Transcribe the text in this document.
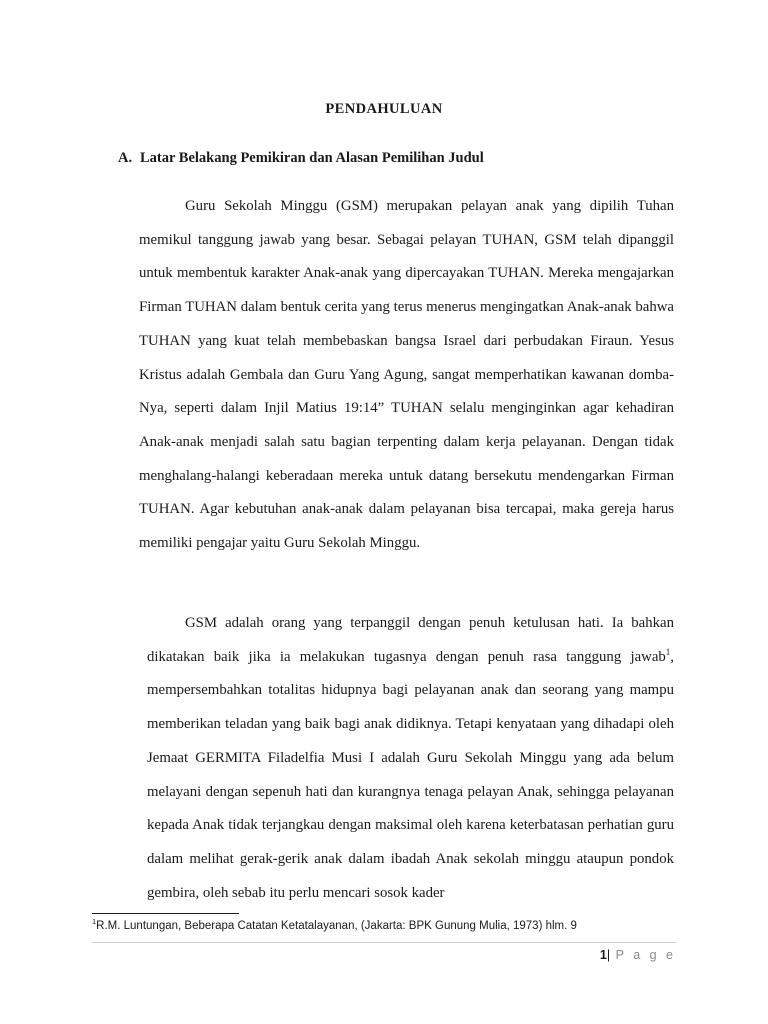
PENDAHULUAN
A. Latar Belakang Pemikiran dan Alasan Pemilihan Judul

Guru Sekolah Minggu (GSM) merupakan pelayan anak yang dipilih Tuhan memikul tanggung jawab yang besar. Sebagai pelayan TUHAN, GSM telah dipanggil untuk membentuk karakter Anak-anak yang dipercayakan TUHAN. Mereka mengajarkan Firman TUHAN dalam bentuk cerita yang terus menerus mengingatkan Anak-anak bahwa TUHAN yang kuat telah membebaskan bangsa Israel dari perbudakan Firaun. Yesus Kristus adalah Gembala dan Guru Yang Agung, sangat memperhatikan kawanan domba-Nya, seperti dalam Injil Matius 19:14” TUHAN selalu menginginkan agar kehadiran Anak-anak menjadi salah satu bagian terpenting dalam kerja pelayanan. Dengan tidak menghalang-halangi keberadaan mereka untuk datang bersekutu mendengarkan Firman TUHAN. Agar kebutuhan anak-anak dalam pelayanan bisa tercapai, maka gereja harus memiliki pengajar yaitu Guru Sekolah Minggu.

GSM adalah orang yang terpanggil dengan penuh ketulusan hati. Ia bahkan dikatakan baik jika ia melakukan tugasnya dengan penuh rasa tanggung jawab$^1$, mempersembahkan totalitas hidupnya bagi pelayanan anak dan seorang yang mampu memberikan teladan yang baik bagi anak didiknya. Tetapi kenyataan yang dihadapi oleh Jemaat GERMITA Filadelfia Musi I adalah Guru Sekolah Minggu yang ada belum melayani dengan sepenuh hati dan kurangnya tenaga pelayan Anak, sehingga pelayanan kepada Anak tidak terjangkau dengan maksimal oleh karena keterbatasan perhatian guru dalam melihat gerak-gerik anak dalam ibadah Anak sekolah minggu ataupun pondok gembira, oleh sebab itu perlu mencari sosok kader

$^1$R.M. Luntungan, Beberapa Catatan Ketatalayanan, (Jakarta: BPK Gunung Mulia, 1973) hlm. 9
1| P a g e
